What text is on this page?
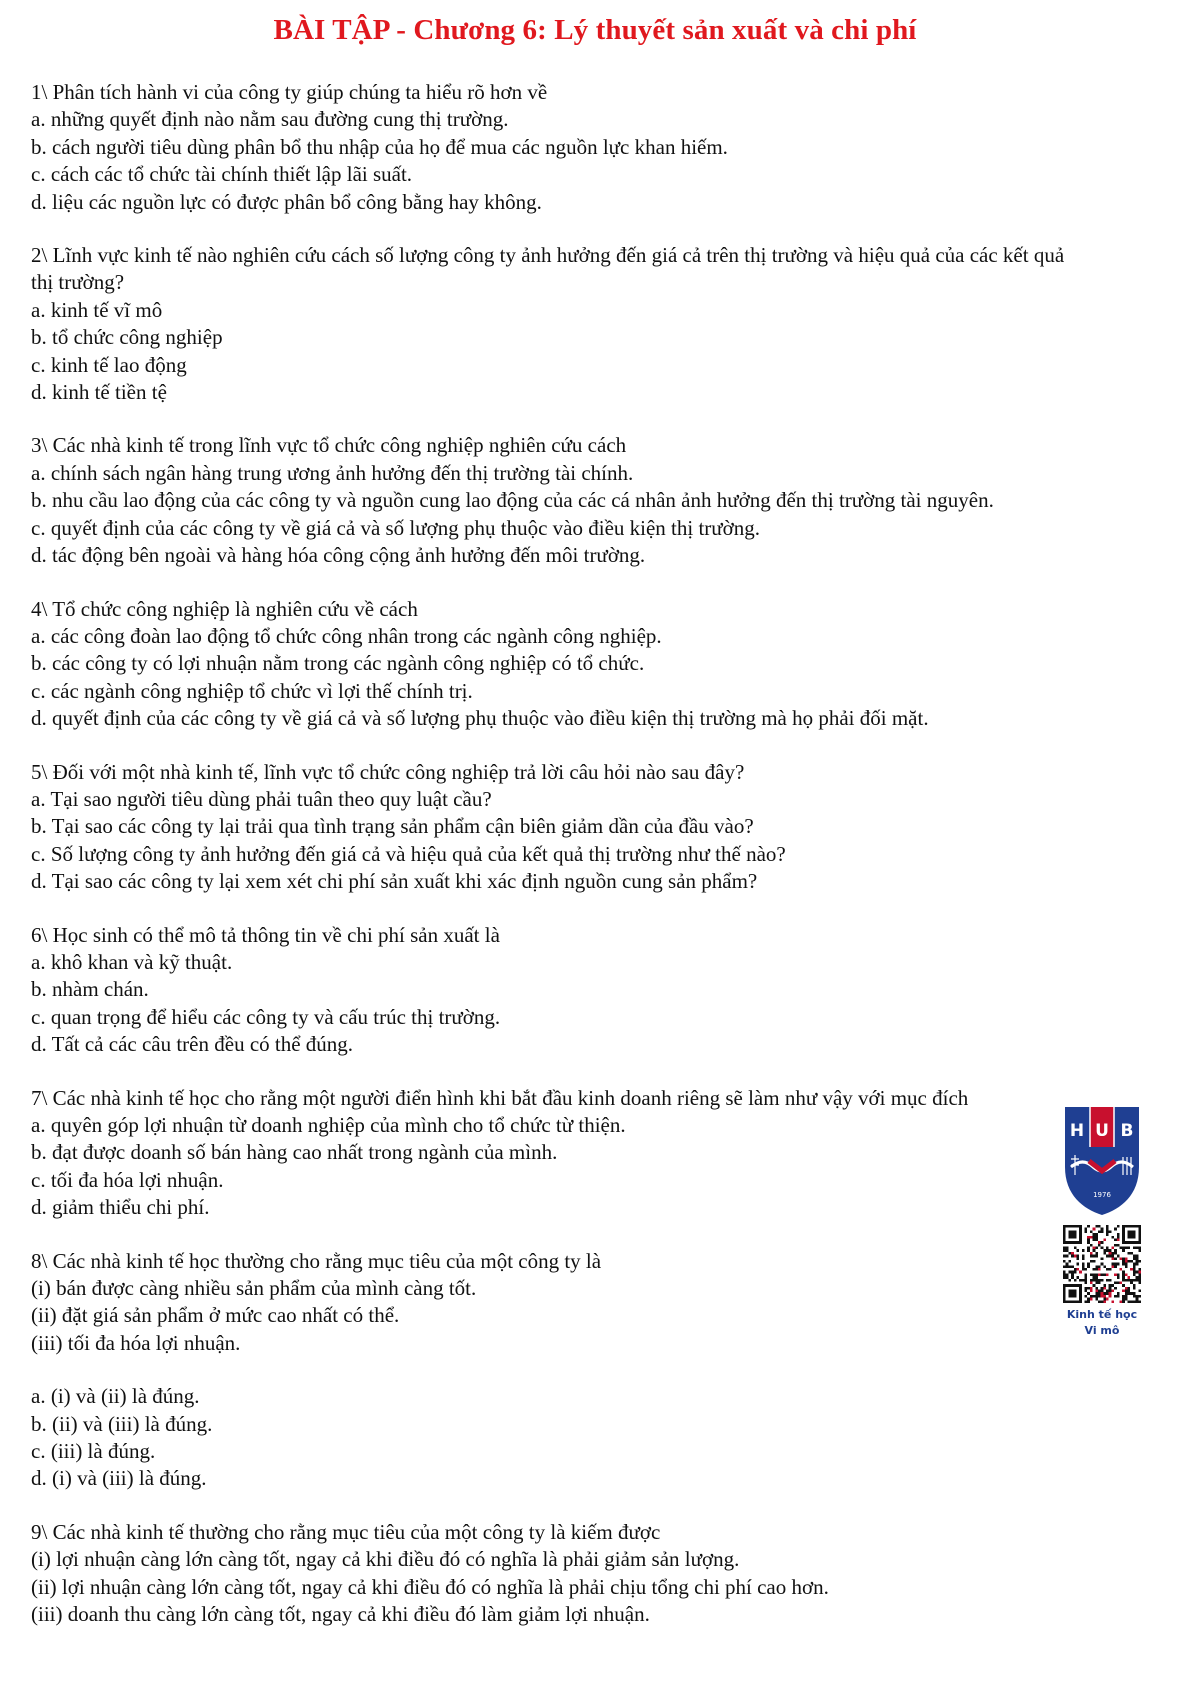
BÀI TẬP - Chương 6: Lý thuyết sản xuất và chi phí
1\ Phân tích hành vi của công ty giúp chúng ta hiểu rõ hơn về
a. những quyết định nào nằm sau đường cung thị trường.
b. cách người tiêu dùng phân bổ thu nhập của họ để mua các nguồn lực khan hiếm.
c. cách các tổ chức tài chính thiết lập lãi suất.
d. liệu các nguồn lực có được phân bổ công bằng hay không.
2\ Lĩnh vực kinh tế nào nghiên cứu cách số lượng công ty ảnh hưởng đến giá cả trên thị trường và hiệu quả của các kết quả thị trường?
a. kinh tế vĩ mô
b. tổ chức công nghiệp
c. kinh tế lao động
d. kinh tế tiền tệ
3\ Các nhà kinh tế trong lĩnh vực tổ chức công nghiệp nghiên cứu cách
a. chính sách ngân hàng trung ương ảnh hưởng đến thị trường tài chính.
b. nhu cầu lao động của các công ty và nguồn cung lao động của các cá nhân ảnh hưởng đến thị trường tài nguyên.
c. quyết định của các công ty về giá cả và số lượng phụ thuộc vào điều kiện thị trường.
d. tác động bên ngoài và hàng hóa công cộng ảnh hưởng đến môi trường.
4\ Tổ chức công nghiệp là nghiên cứu về cách
a. các công đoàn lao động tổ chức công nhân trong các ngành công nghiệp.
b. các công ty có lợi nhuận nằm trong các ngành công nghiệp có tổ chức.
c. các ngành công nghiệp tổ chức vì lợi thế chính trị.
d. quyết định của các công ty về giá cả và số lượng phụ thuộc vào điều kiện thị trường mà họ phải đối mặt.
5\ Đối với một nhà kinh tế, lĩnh vực tổ chức công nghiệp trả lời câu hỏi nào sau đây?
a. Tại sao người tiêu dùng phải tuân theo quy luật cầu?
b. Tại sao các công ty lại trải qua tình trạng sản phẩm cận biên giảm dần của đầu vào?
c. Số lượng công ty ảnh hưởng đến giá cả và hiệu quả của kết quả thị trường như thế nào?
d. Tại sao các công ty lại xem xét chi phí sản xuất khi xác định nguồn cung sản phẩm?
6\ Học sinh có thể mô tả thông tin về chi phí sản xuất là
a. khô khan và kỹ thuật.
b. nhàm chán.
c. quan trọng để hiểu các công ty và cấu trúc thị trường.
d. Tất cả các câu trên đều có thể đúng.
7\ Các nhà kinh tế học cho rằng một người điển hình khi bắt đầu kinh doanh riêng sẽ làm như vậy với mục đích
a. quyên góp lợi nhuận từ doanh nghiệp của mình cho tổ chức từ thiện.
b. đạt được doanh số bán hàng cao nhất trong ngành của mình.
c. tối đa hóa lợi nhuận.
d. giảm thiểu chi phí.
8\ Các nhà kinh tế học thường cho rằng mục tiêu của một công ty là
(i) bán được càng nhiều sản phẩm của mình càng tốt.
(ii) đặt giá sản phẩm ở mức cao nhất có thể.
(iii) tối đa hóa lợi nhuận.
a. (i) và (ii) là đúng.
b. (ii) và (iii) là đúng.
c. (iii) là đúng.
d. (i) và (iii) là đúng.
9\ Các nhà kinh tế thường cho rằng mục tiêu của một công ty là kiếm được
(i) lợi nhuận càng lớn càng tốt, ngay cả khi điều đó có nghĩa là phải giảm sản lượng.
(ii) lợi nhuận càng lớn càng tốt, ngay cả khi điều đó có nghĩa là phải chịu tổng chi phí cao hơn.
(iii) doanh thu càng lớn càng tốt, ngay cả khi điều đó làm giảm lợi nhuận.
H U B
1976
Kinh tế học
Vi mô
